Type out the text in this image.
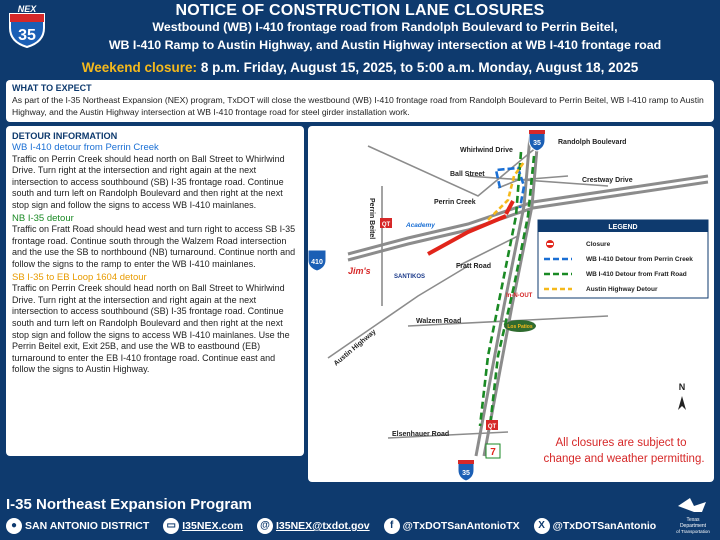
NEX
35
NOTICE OF CONSTRUCTION LANE CLOSURES
Westbound (WB) I-410 frontage road from Randolph Boulevard to Perrin Beitel,
WB I-410 Ramp to Austin Highway, and Austin Highway intersection at WB I-410 frontage road
Weekend closure: 8 p.m. Friday, August 15, 2025, to 5:00 a.m. Monday, August 18, 2025
WHAT TO EXPECT
As part of the I-35 Northeast Expansion (NEX) program, TxDOT will close the westbound (WB) I-410 frontage road from Randolph Boulevard to Perrin Beitel, WB I-410 ramp to Austin Highway, and the Austin Highway intersection at WB I-410 frontage road for steel girder installation work.
DETOUR INFORMATION
WB I-410 detour from Perrin Creek
Traffic on Perrin Creek should head north on Ball Street to Whirlwind Drive. Turn right at the intersection and right again at the next intersection to access southbound (SB) I-35 frontage road. Continue south and turn left on Randolph Boulevard and then right at the next stop sign and follow the signs to access WB I-410 mainlanes.
NB I-35 detour
Traffic on Fratt Road should head west and turn right to access SB I-35 frontage road. Continue south through the Walzem Road intersection and the use the SB to northbound (NB) turnaround. Continue north and follow the signs to the ramp to enter the WB I-410 mainlanes.
SB I-35 to EB Loop 1604 detour
Traffic on Perrin Creek should head north on Ball Street to Whirlwind Drive. Turn right at the intersection and right again at the next intersection to access southbound (SB) I-35 frontage road. Continue south and turn left on Randolph Boulevard and then right at the next stop sign and follow the signs to access WB I-410 mainlanes. Use the Perrin Beitel exit, Exit 25B, and use the WB to eastbound (EB) turnaround to enter the EB I-410 frontage road. Continue east and follow the signs to Austin Highway.
35
35
410
Whirlwind Drive
Randolph Boulevard
Ball Street
Crestway Drive
Perrin Creek
Perrin Beitel
Fratt Road
Walzem Road
Austin Highway
Elsenhauer Road
QT Academy
Jim's
SANTIKOS
In-N-OUT
Los Patios
QT
7
LEGEND
Closure
WB I-410 Detour from Perrin Creek
WB I-410 Detour from Fratt Road
Austin Highway Detour
N
All closures are subject to
change and weather permitting.
I-35 Northeast Expansion Program
● SAN ANTONIO DISTRICT	▭ I35NEX.com	@ I35NEX@txdot.gov	f @TxDOTSanAntonioTX	X @TxDOTSanAntonio	Texas
Department
of Transportation
